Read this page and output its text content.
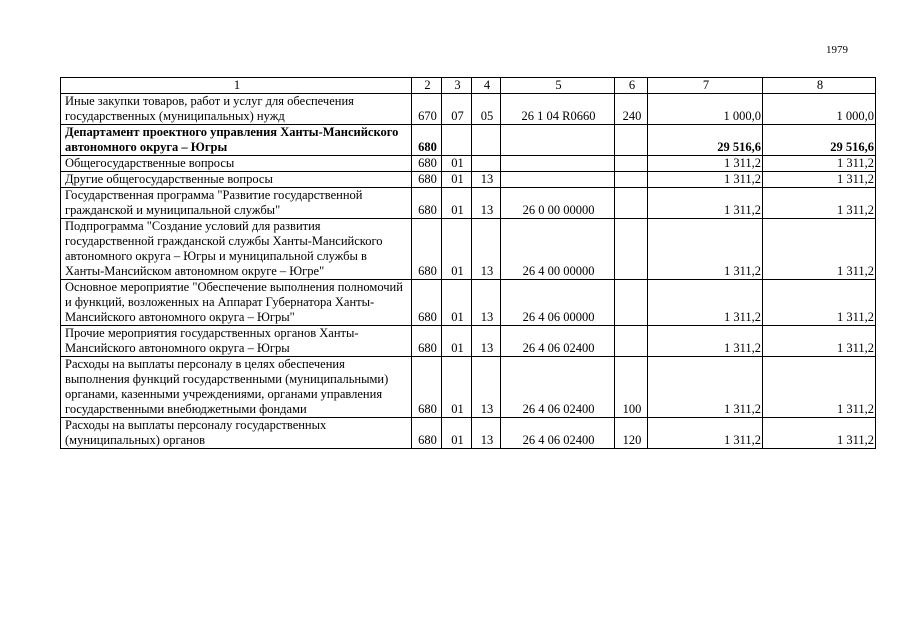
1979
1	2	3	4	5	6	7	8
Иные закупки товаров, работ и услуг для обеспечения государственных (муниципальных) нужд	670	07	05	26 1 04 R0660	240	1 000,0	1 000,0
Департамент проектного управления Ханты-Мансийского автономного округа – Югры	680					29 516,6	29 516,6
Общегосударственные вопросы	680	01				1 311,2	1 311,2
Другие общегосударственные вопросы	680	01	13			1 311,2	1 311,2
Государственная программа "Развитие государственной гражданской и муниципальной службы"	680	01	13	26 0 00 00000		1 311,2	1 311,2
Подпрограмма "Создание условий для развития государственной гражданской службы Ханты-Мансийского автономного округа – Югры и муниципальной службы в Ханты-Мансийском автономном округе – Югре"	680	01	13	26 4 00 00000		1 311,2	1 311,2
Основное мероприятие "Обеспечение выполнения полномочий и функций, возложенных на Аппарат Губернатора Ханты-Мансийского автономного округа – Югры"	680	01	13	26 4 06 00000		1 311,2	1 311,2
Прочие мероприятия государственных органов Ханты-Мансийского автономного округа – Югры	680	01	13	26 4 06 02400		1 311,2	1 311,2
Расходы на выплаты персоналу в целях обеспечения выполнения функций государственными (муниципальными) органами, казенными учреждениями, органами управления государственными внебюджетными фондами	680	01	13	26 4 06 02400	100	1 311,2	1 311,2
Расходы на выплаты персоналу государственных (муниципальных) органов	680	01	13	26 4 06 02400	120	1 311,2	1 311,2
